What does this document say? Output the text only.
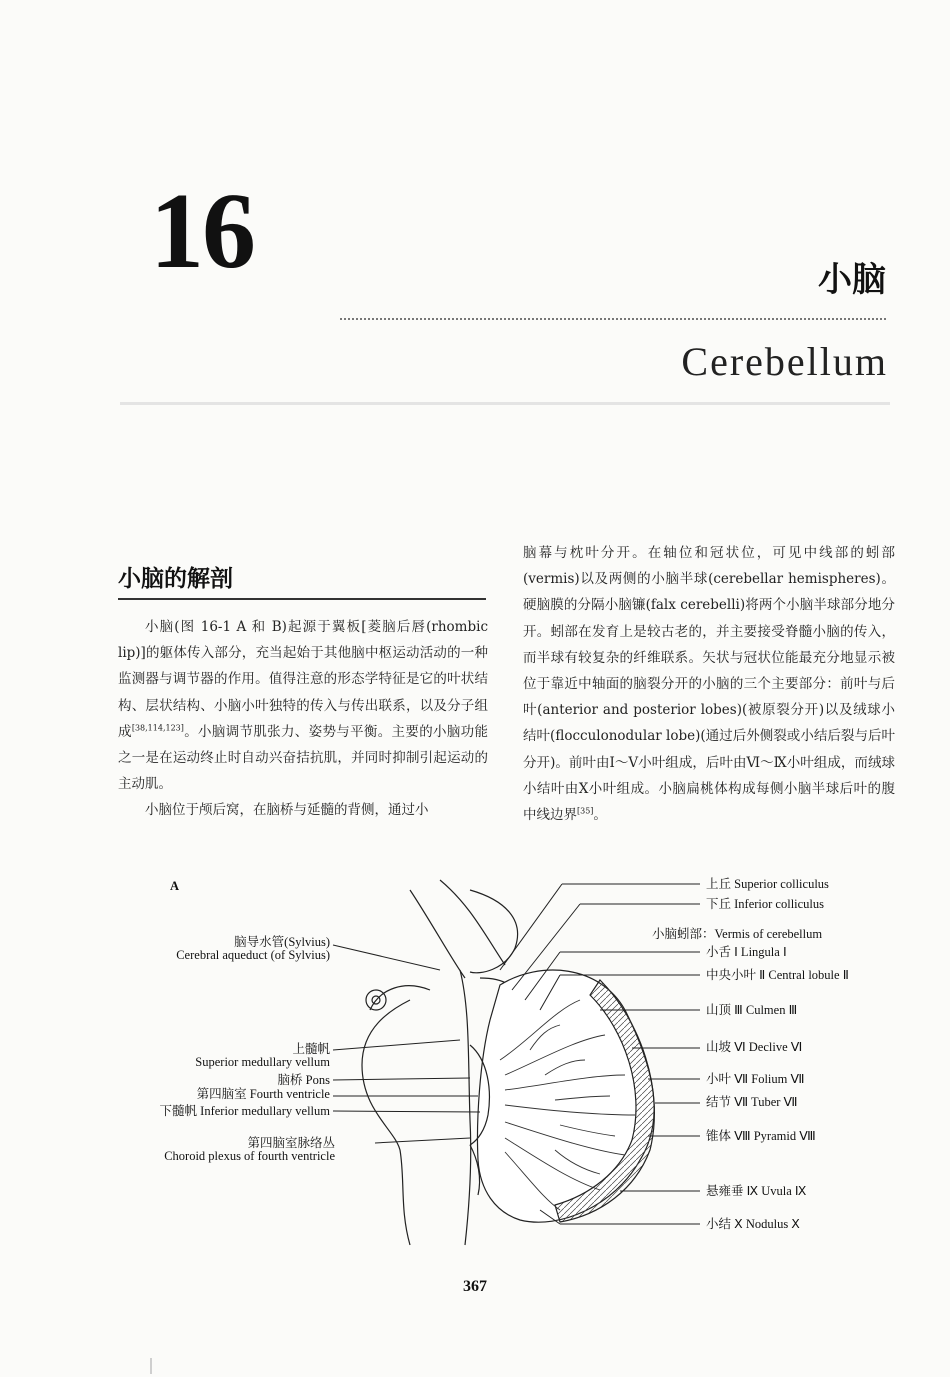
16	小脑
Cerebellum
小脑的解剖

小脑(图 16-1 A 和 B)起源于翼板[菱脑后唇(rhombic lip)]的躯体传入部分，充当起始于其他脑中枢运动活动的一种监测器与调节器的作用。值得注意的形态学特征是它的叶状结构、层状结构、小脑小叶独特的传入与传出联系，以及分子组成[38,114,123]。小脑调节肌张力、姿势与平衡。主要的小脑功能之一是在运动终止时自动兴奋拮抗肌，并同时抑制引起运动的主动肌。

小脑位于颅后窝，在脑桥与延髓的背侧，通过小

脑幕与枕叶分开。在轴位和冠状位，可见中线部的蚓部(vermis)以及两侧的小脑半球(cerebellar hemispheres)。硬脑膜的分隔小脑镰(falx cerebelli)将两个小脑半球部分地分开。蚓部在发育上是较古老的，并主要接受脊髓小脑的传入，而半球有较复杂的纤维联系。矢状与冠状位能最充分地显示被位于靠近中轴面的脑裂分开的小脑的三个主要部分：前叶与后叶(anterior and posterior lobes)(被原裂分开)以及绒球小结叶(flocculonodular lobe)(通过后外侧裂或小结后裂与后叶分开)。前叶由Ⅰ～Ⅴ小叶组成，后叶由Ⅵ～Ⅸ小叶组成，而绒球小结叶由Ⅹ小叶组成。小脑扁桃体构成每侧小脑半球后叶的腹中线边界[35]。

A
脑导水管(Sylvius)
Cerebral aqueduct (of Sylvius)
上髓帆
Superior medullary vellum
脑桥 Pons
第四脑室 Fourth ventricle
下髓帆 Inferior medullary vellum
第四脑室脉络丛
Choroid plexus of fourth ventricle
上丘 Superior colliculus
下丘 Inferior colliculus
小脑蚓部：Vermis of cerebellum
小舌 Ⅰ Lingula Ⅰ
中央小叶 Ⅱ Central lobule Ⅱ
山顶 Ⅲ Culmen Ⅲ
山坡 Ⅵ Declive Ⅵ
小叶 Ⅶ Folium Ⅶ
结节 Ⅶ Tuber Ⅶ
锥体 Ⅷ Pyramid Ⅷ
悬雍垂 Ⅸ Uvula Ⅸ
小结 Ⅹ Nodulus Ⅹ
367
